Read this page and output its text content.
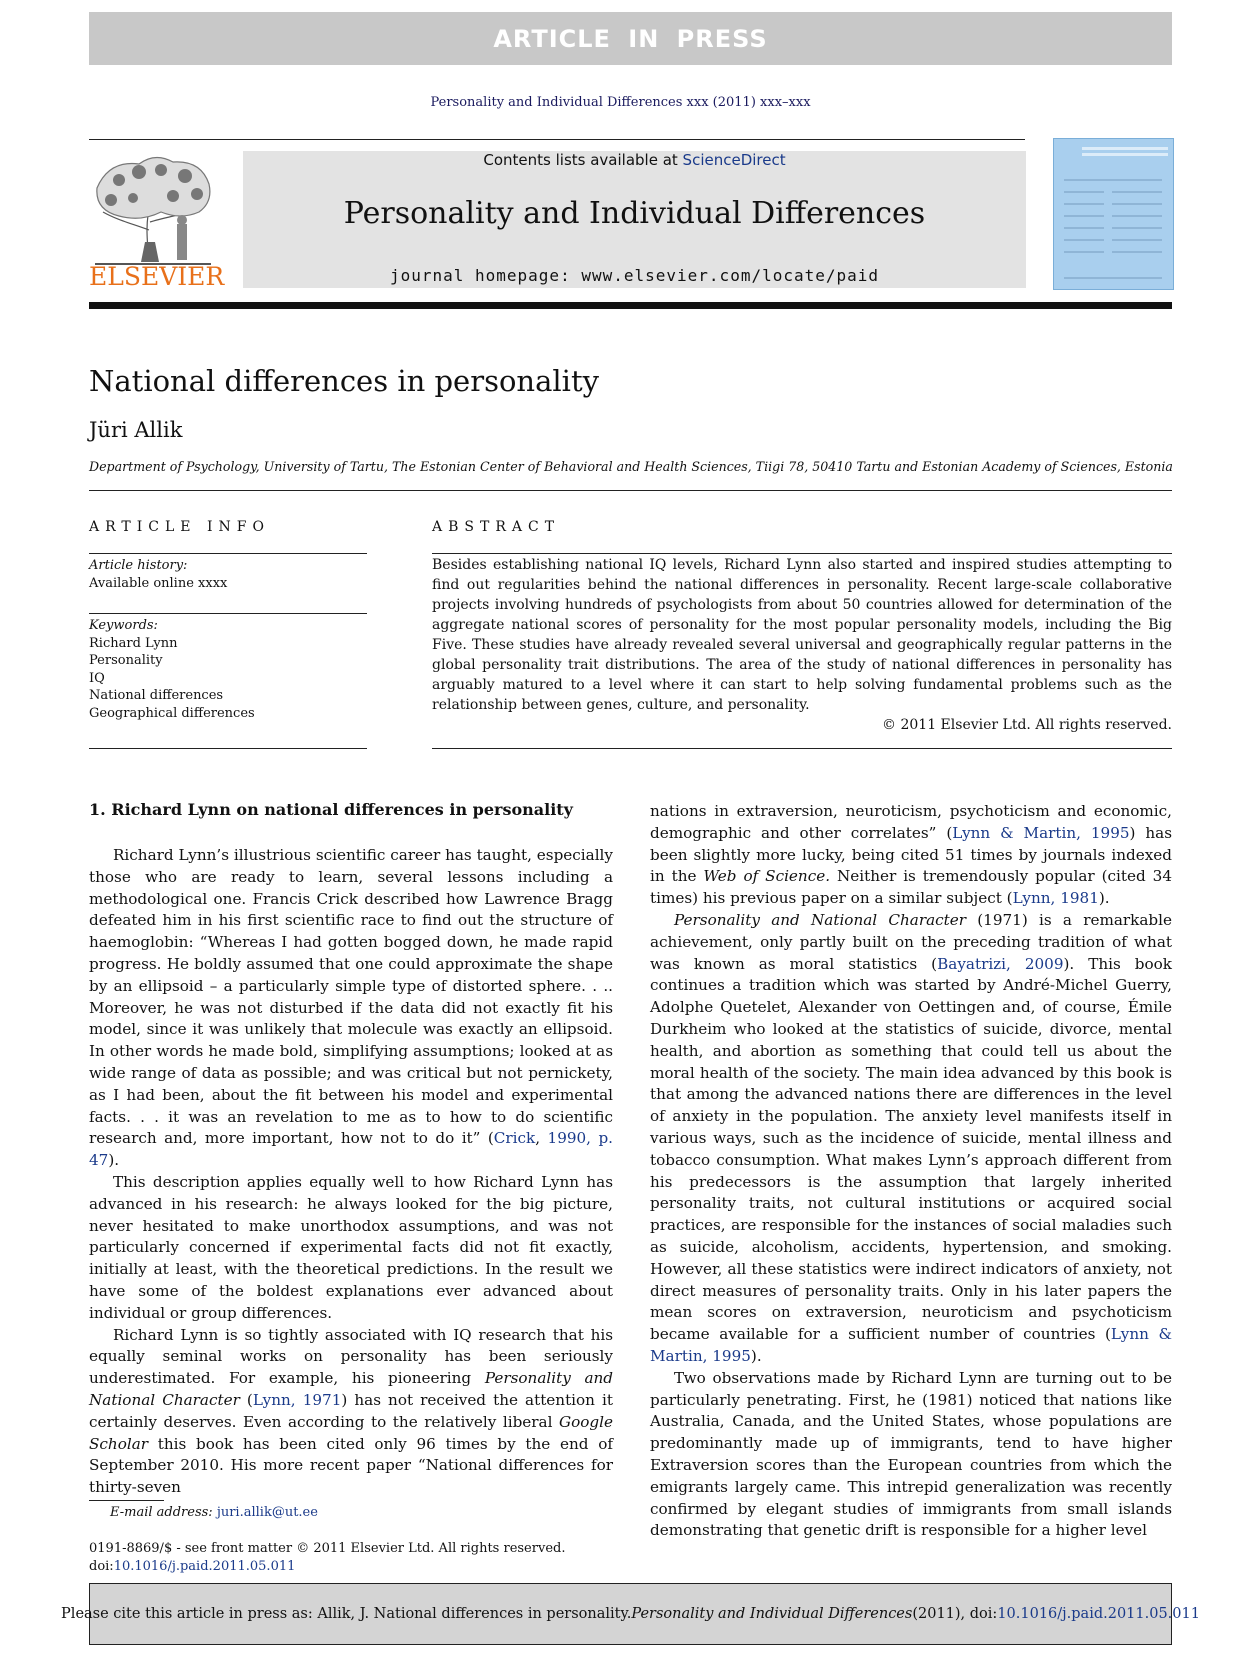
ARTICLE IN PRESS
Personality and Individual Differences xxx (2011) xxx–xxx
ELSEVIER
Contents lists available at ScienceDirect
Personality and Individual Differences
journal homepage: www.elsevier.com/locate/paid
National differences in personality
Jüri Allik
Department of Psychology, University of Tartu, The Estonian Center of Behavioral and Health Sciences, Tiigi 78, 50410 Tartu and Estonian Academy of Sciences, Estonia
ARTICLE INFO
Article history:
Available online xxxx
Keywords:
Richard Lynn
Personality
IQ
National differences
Geographical differences
ABSTRACT
Besides establishing national IQ levels, Richard Lynn also started and inspired studies attempting to find out regularities behind the national differences in personality. Recent large-scale collaborative projects involving hundreds of psychologists from about 50 countries allowed for determination of the aggregate national scores of personality for the most popular personality models, including the Big Five. These studies have already revealed several universal and geographically regular patterns in the global personality trait distributions. The area of the study of national differences in personality has arguably matured to a level where it can start to help solving fundamental problems such as the relationship between genes, culture, and personality.
© 2011 Elsevier Ltd. All rights reserved.
1. Richard Lynn on national differences in personality

Richard Lynn’s illustrious scientific career has taught, especially those who are ready to learn, several lessons including a methodological one. Francis Crick described how Lawrence Bragg defeated him in his first scientific race to find out the structure of haemoglobin: “Whereas I had gotten bogged down, he made rapid progress. He boldly assumed that one could approximate the shape by an ellipsoid – a particularly simple type of distorted sphere. . .. Moreover, he was not disturbed if the data did not exactly fit his model, since it was unlikely that molecule was exactly an ellipsoid. In other words he made bold, simplifying assumptions; looked at as wide range of data as possible; and was critical but not pernickety, as I had been, about the fit between his model and experimental facts. . . it was an revelation to me as to how to do scientific research and, more important, how not to do it” (Crick, 1990, p. 47).

This description applies equally well to how Richard Lynn has advanced in his research: he always looked for the big picture, never hesitated to make unorthodox assumptions, and was not particularly concerned if experimental facts did not fit exactly, initially at least, with the theoretical predictions. In the result we have some of the boldest explanations ever advanced about individual or group differences.

Richard Lynn is so tightly associated with IQ research that his equally seminal works on personality has been seriously underestimated. For example, his pioneering Personality and National Character (Lynn, 1971) has not received the attention it certainly deserves. Even according to the relatively liberal Google Scholar this book has been cited only 96 times by the end of September 2010. His more recent paper “National differences for thirty-seven

nations in extraversion, neuroticism, psychoticism and economic, demographic and other correlates” (Lynn & Martin, 1995) has been slightly more lucky, being cited 51 times by journals indexed in the Web of Science. Neither is tremendously popular (cited 34 times) his previous paper on a similar subject (Lynn, 1981).

Personality and National Character (1971) is a remarkable achievement, only partly built on the preceding tradition of what was known as moral statistics (Bayatrizi, 2009). This book continues a tradition which was started by André-Michel Guerry, Adolphe Quetelet, Alexander von Oettingen and, of course, Émile Durkheim who looked at the statistics of suicide, divorce, mental health, and abortion as something that could tell us about the moral health of the society. The main idea advanced by this book is that among the advanced nations there are differences in the level of anxiety in the population. The anxiety level manifests itself in various ways, such as the incidence of suicide, mental illness and tobacco consumption. What makes Lynn’s approach different from his predecessors is the assumption that largely inherited personality traits, not cultural institutions or acquired social practices, are responsible for the instances of social maladies such as suicide, alcoholism, accidents, hypertension, and smoking. However, all these statistics were indirect indicators of anxiety, not direct measures of personality traits. Only in his later papers the mean scores on extraversion, neuroticism and psychoticism became available for a sufficient number of countries (Lynn & Martin, 1995).

Two observations made by Richard Lynn are turning out to be particularly penetrating. First, he (1981) noticed that nations like Australia, Canada, and the United States, whose populations are predominantly made up of immigrants, tend to have higher Extraversion scores than the European countries from which the emigrants largely came. This intrepid generalization was recently confirmed by elegant studies of immigrants from small islands demonstrating that genetic drift is responsible for a higher level

E-mail address: juri.allik@ut.ee
0191-8869/$ - see front matter © 2011 Elsevier Ltd. All rights reserved.
doi:10.1016/j.paid.2011.05.011
Please cite this article in press as: Allik, J. National differences in personality. Personality and Individual Differences (2011), doi: 10.1016/j.paid.2011.05.011
